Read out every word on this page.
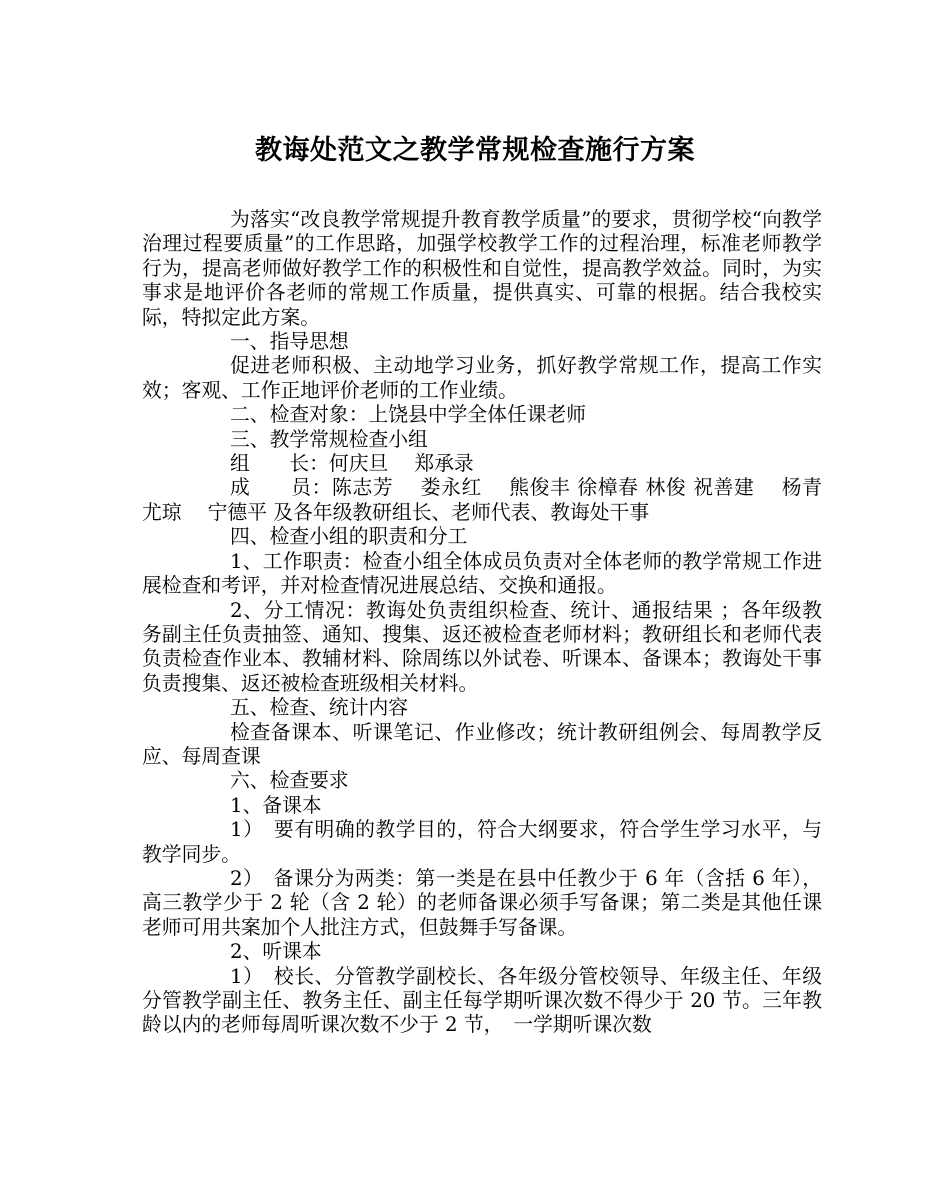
教诲处范文之教学常规检查施行方案

为落实“改良教学常规提升教育教学质量”的要求，贯彻学校“向教学治理过程要质量”的工作思路，加强学校教学工作的过程治理，标准老师教学行为，提高老师做好教学工作的积极性和自觉性，提高教学效益。同时，为实事求是地评价各老师的常规工作质量，提供真实、可靠的根据。结合我校实际，特拟定此方案。

一、指导思想

促进老师积极、主动地学习业务，抓好教学常规工作，提高工作实效；客观、工作正地评价老师的工作业绩。

二、检查对象：上饶县中学全体任课老师

三、教学常规检查小组

组　　长：何庆旦　 郑承录

成　　员：陈志芳　 娄永红　 熊俊丰 徐樟春 林俊 祝善建　 杨青　 尤琼　 宁德平 及各年级教研组长、老师代表、教诲处干事

四、检查小组的职责和分工

1、工作职责：检查小组全体成员负责对全体老师的教学常规工作进展检查和考评，并对检查情况进展总结、交换和通报。

2、分工情况：教诲处负责组织检查、统计、通报结果 ；各年级教务副主任负责抽签、通知、搜集、返还被检查老师材料；教研组长和老师代表负责检查作业本、教辅材料、除周练以外试卷、听课本、备课本；教诲处干事负责搜集、返还被检查班级相关材料。

五、检查、统计内容

检查备课本、听课笔记、作业修改；统计教研组例会、每周教学反应、每周查课

六、检查要求

1、备课本

1）　要有明确的教学目的，符合大纲要求，符合学生学习水平，与教学同步。

2）　备课分为两类：第一类是在县中任教少于 6 年（含括 6 年），高三教学少于 2 轮（含 2 轮）的老师备课必须手写备课；第二类是其他任课老师可用共案加个人批注方式，但鼓舞手写备课。

2、听课本

1）　校长、分管教学副校长、各年级分管校领导、年级主任、年级分管教学副主任、教务主任、副主任每学期听课次数不得少于 20 节。三年教龄以内的老师每周听课次数不少于 2 节，　一学期听课次数
